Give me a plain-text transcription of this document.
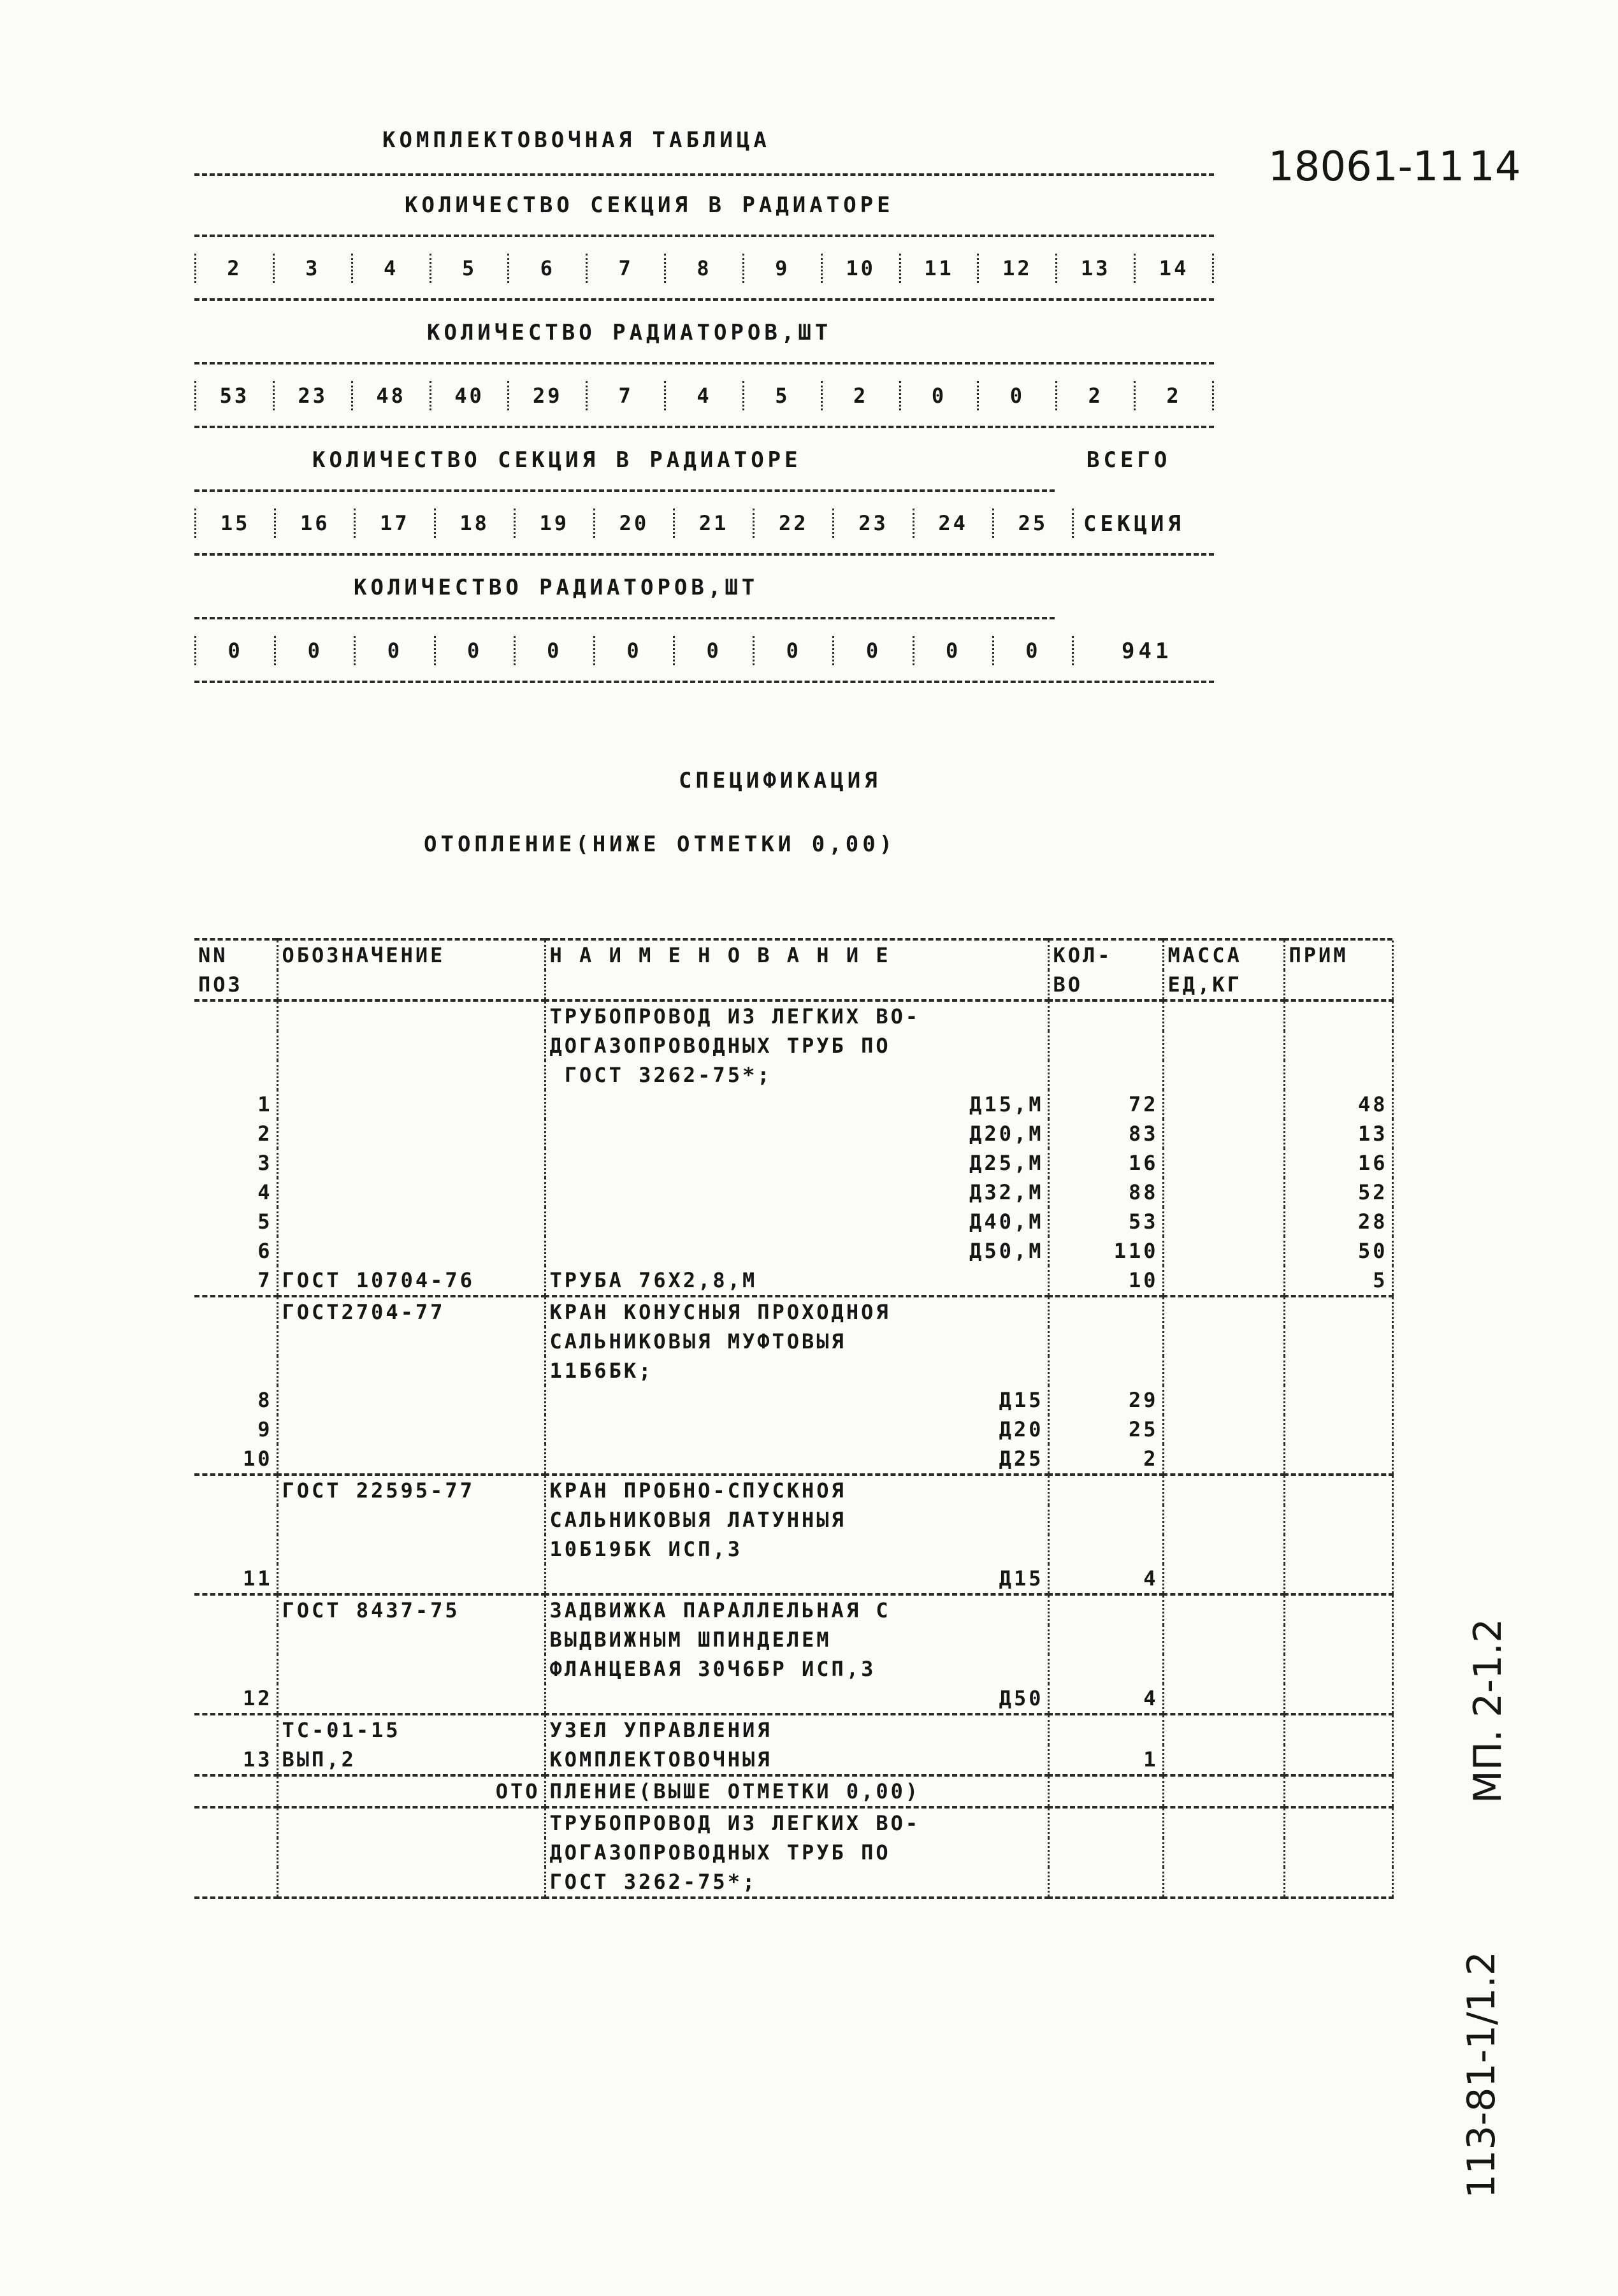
КОМПЛЕКТОВОЧНАЯ ТАБЛИЦА
КОЛИЧЕСТВО СЕКЦИЯ В РАДИАТОРЕ
2	3	4	5	6	7	8	9	10	11	12	13	14
КОЛИЧЕСТВО РАДИАТОРОВ,ШТ
53	23	48	40	29	7	4	5	2	0	0	2	2
КОЛИЧЕСТВО СЕКЦИЯ В РАДИАТОРЕ	ВСЕГО
15	16	17	18	19	20	21	22	23	24	25 СЕКЦИЯ
КОЛИЧЕСТВО РАДИАТОРОВ,ШТ
0	0	0	0	0	0	0	0	0	0	0	941
18061-11 14
МП. 2-1.2
113-81-1/1.2
СПЕЦИФИКАЦИЯ
ОТОПЛЕНИЕ(НИЖЕ ОТМЕТКИ 0,00)

NN	ОБОЗНАЧЕНИЕ	Н А И М Е Н О В А Н И Е	КОЛ-	МАССА	ПРИМ
ПОЗ			ВО	ЕД,КГ	

		ТРУБОПРОВОД ИЗ ЛЕГКИХ ВО-			
		ДОГАЗОПРОВОДНЫХ ТРУБ ПО			
		ГОСТ 3262-75*;			
1		Д15,М	72		48
2		Д20,М	83		13
3		Д25,М	16		16
4		Д32,М	88		52
5		Д40,М	53		28
6		Д50,М	110		50
7	ГОСТ 10704-76	ТРУБА 76Х2,8,М	10		5

	ГОСТ2704-77	КРАН КОНУСНЫЯ ПРОХОДНОЯ			
		САЛЬНИКОВЫЯ МУФТОВЫЯ			
		11Б6БК;			
8		Д15	29		
9		Д20	25		
10		Д25	2		

	ГОСТ 22595-77	КРАН ПРОБНО-СПУСКНОЯ			
		САЛЬНИКОВЫЯ ЛАТУННЫЯ			
		10Б19БК ИСП,3			
11		Д15	4		

	ГОСТ 8437-75	ЗАДВИЖКА ПАРАЛЛЕЛЬНАЯ С			
		ВЫДВИЖНЫМ ШПИНДЕЛЕМ			
		ФЛАНЦЕВАЯ 30Ч6БР ИСП,3			
12		Д50	4		

	ТС-01-15	УЗЕЛ УПРАВЛЕНИЯ			
13	ВЫП,2	КОМПЛЕКТОВОЧНЫЯ	1		

	ОТО	ПЛЕНИЕ(ВЫШЕ ОТМЕТКИ 0,00)			

		ТРУБОПРОВОД ИЗ ЛЕГКИХ ВО-			
		ДОГАЗОПРОВОДНЫХ ТРУБ ПО			
		ГОСТ 3262-75*;			
